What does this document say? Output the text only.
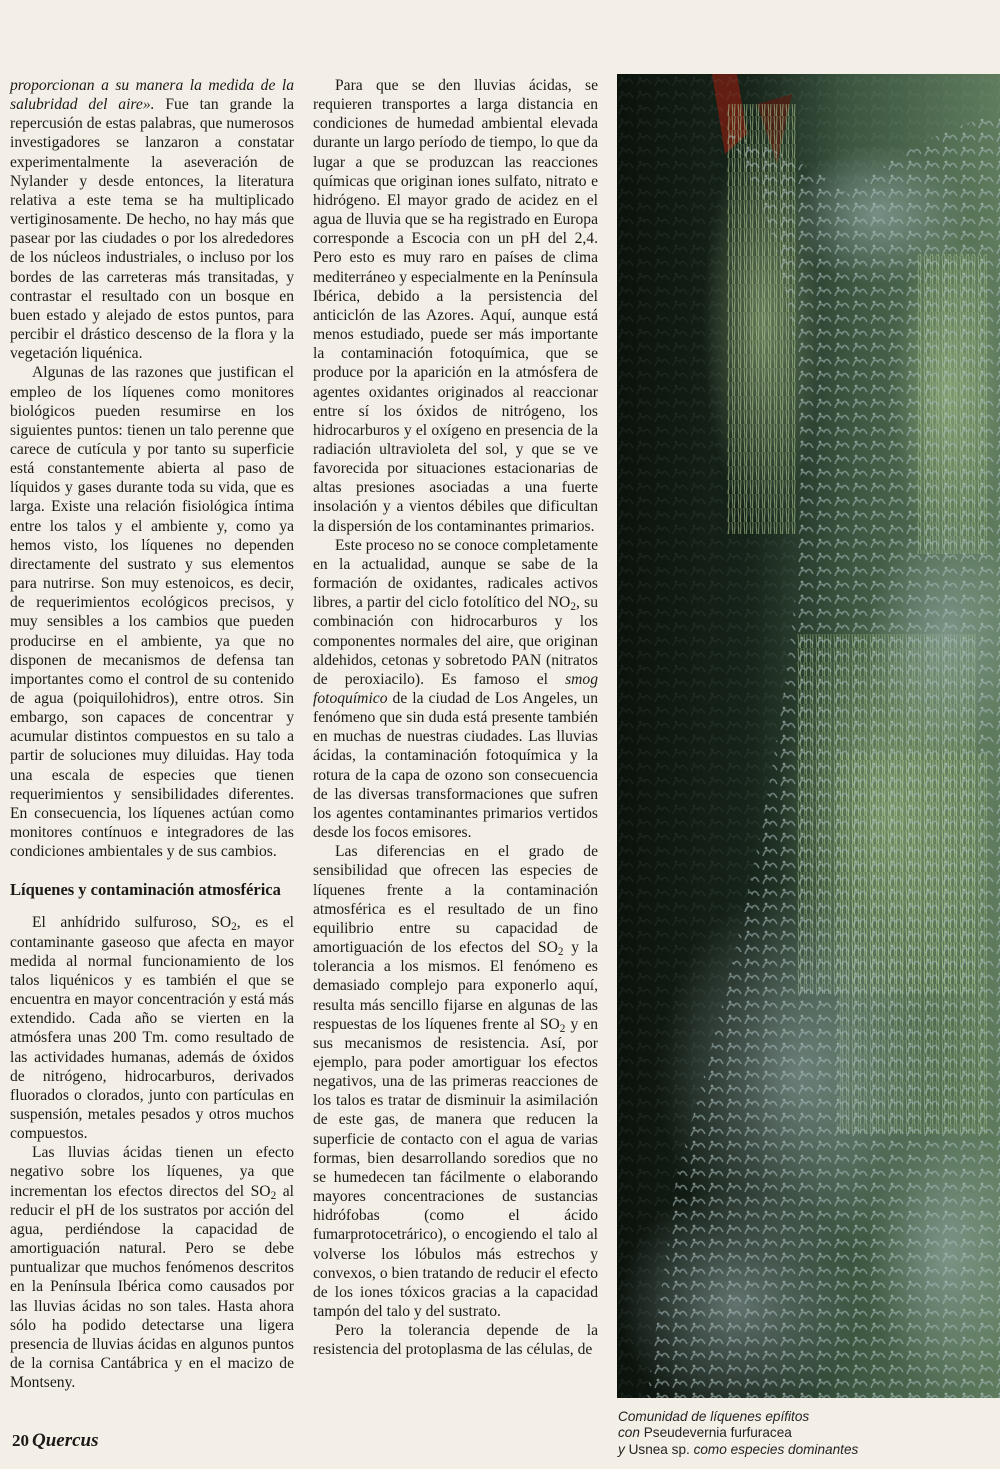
proporcionan a su manera la medida de la salubridad del aire». Fue tan grande la repercusión de estas palabras, que numerosos investigadores se lanzaron a constatar experimentalmente la aseveración de Nylander y desde entonces, la literatura relativa a este tema se ha multiplicado vertiginosamente. De hecho, no hay más que pasear por las ciudades o por los alrededores de los núcleos industriales, o incluso por los bordes de las carreteras más transitadas, y contrastar el resultado con un bosque en buen estado y alejado de estos puntos, para percibir el drástico descenso de la flora y la vegetación liquénica.

Algunas de las razones que justifican el empleo de los líquenes como monitores biológicos pueden resumirse en los siguientes puntos: tienen un talo perenne que carece de cutícula y por tanto su superficie está constantemente abierta al paso de líquidos y gases durante toda su vida, que es larga. Existe una relación fisiológica íntima entre los talos y el ambiente y, como ya hemos visto, los líquenes no dependen directamente del sustrato y sus elementos para nutrirse. Son muy estenoicos, es decir, de requerimientos ecológicos precisos, y muy sensibles a los cambios que pueden producirse en el ambiente, ya que no disponen de mecanismos de defensa tan importantes como el control de su contenido de agua (poiquilohidros), entre otros. Sin embargo, son capaces de concentrar y acumular distintos compuestos en su talo a partir de soluciones muy diluidas. Hay toda una escala de especies que tienen requerimientos y sensibilidades diferentes. En consecuencia, los líquenes actúan como monitores contínuos e integradores de las condiciones ambientales y de sus cambios.

Líquenes y contaminación atmosférica

El anhídrido sulfuroso, $SO_2$, es el contaminante gaseoso que afecta en mayor medida al normal funcionamiento de los talos liquénicos y es también el que se encuentra en mayor concentración y está más extendido. Cada año se vierten en la atmósfera unas 200 Tm. como resultado de las actividades humanas, además de óxidos de nitrógeno, hidrocarburos, derivados fluorados o clorados, junto con partículas en suspensión, metales pesados y otros muchos compuestos.

Las lluvias ácidas tienen un efecto negativo sobre los líquenes, ya que incrementan los efectos directos del $SO_2$ al reducir el pH de los sustratos por acción del agua, perdiéndose la capacidad de amortiguación natural. Pero se debe puntualizar que muchos fenómenos descritos en la Península Ibérica como causados por las lluvias ácidas no son tales. Hasta ahora sólo ha podido detectarse una ligera presencia de lluvias ácidas en algunos puntos de la cornisa Cantábrica y en el macizo de Montseny.

Para que se den lluvias ácidas, se requieren transportes a larga distancia en condiciones de humedad ambiental elevada durante un largo período de tiempo, lo que da lugar a que se produzcan las reacciones químicas que originan iones sulfato, nitrato e hidrógeno. El mayor grado de acidez en el agua de lluvia que se ha registrado en Europa corresponde a Escocia con un pH del 2,4. Pero esto es muy raro en países de clima mediterráneo y especialmente en la Península Ibérica, debido a la persistencia del anticiclón de las Azores. Aquí, aunque está menos estudiado, puede ser más importante la contaminación fotoquímica, que se produce por la aparición en la atmósfera de agentes oxidantes originados al reaccionar entre sí los óxidos de nitrógeno, los hidrocarburos y el oxígeno en presencia de la radiación ultravioleta del sol, y que se ve favorecida por situaciones estacionarias de altas presiones asociadas a una fuerte insolación y a vientos débiles que dificultan la dispersión de los contaminantes primarios.

Este proceso no se conoce completamente en la actualidad, aunque se sabe de la formación de oxidantes, radicales activos libres, a partir del ciclo fotolítico del $NO_2$, su combinación con hidrocarburos y los componentes normales del aire, que originan aldehidos, cetonas y sobretodo PAN (nitratos de peroxiacilo). Es famoso el smog fotoquímico de la ciudad de Los Angeles, un fenómeno que sin duda está presente también en muchas de nuestras ciudades. Las lluvias ácidas, la contaminación fotoquímica y la rotura de la capa de ozono son consecuencia de las diversas transformaciones que sufren los agentes contaminantes primarios vertidos desde los focos emisores.

Las diferencias en el grado de sensibilidad que ofrecen las especies de líquenes frente a la contaminación atmosférica es el resultado de un fino equilibrio entre su capacidad de amortiguación de los efectos del $SO_2$ y la tolerancia a los mismos. El fenómeno es demasiado complejo para exponerlo aquí, resulta más sencillo fijarse en algunas de las respuestas de los líquenes frente al $SO_2$ y en sus mecanismos de resistencia. Así, por ejemplo, para poder amortiguar los efectos negativos, una de las primeras reacciones de los talos es tratar de disminuir la asimilación de este gas, de manera que reducen la superficie de contacto con el agua de varias formas, bien desarrollando soredios que no se humedecen tan fácilmente o elaborando mayores concentraciones de sustancias hidrófobas (como el ácido fumarprotocetrárico), o encogiendo el talo al volverse los lóbulos más estrechos y convexos, o bien tratando de reducir el efecto de los iones tóxicos gracias a la capacidad tampón del talo y del sustrato.

Pero la tolerancia depende de la resistencia del protoplasma de las células, de

Comunidad de líquenes epífitos
con Pseudevernia furfuracea
y Usnea sp. como especies dominantes
20 Quercus
